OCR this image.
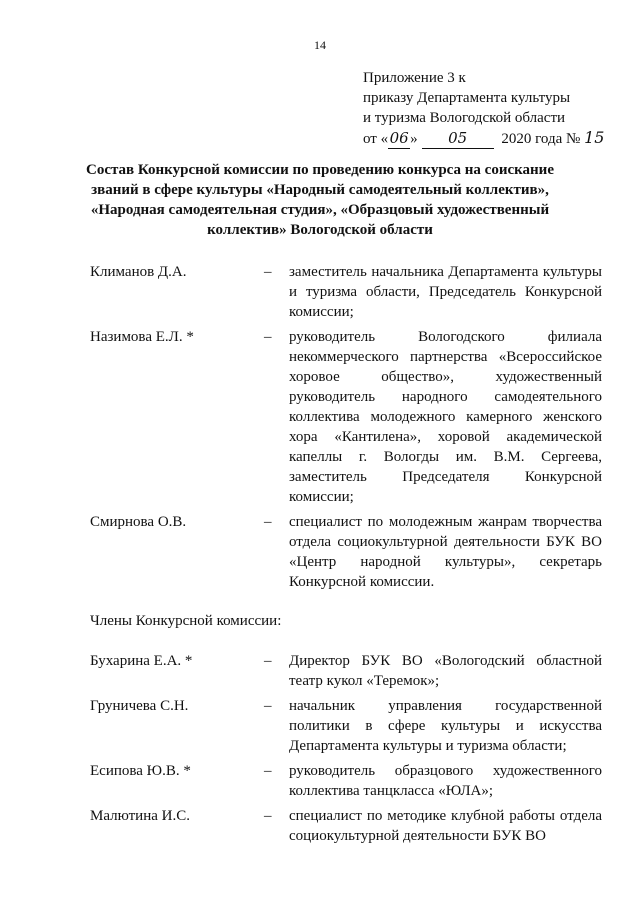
14
Приложение 3 к
приказу Департамента культуры
и туризма Вологодской области
от «06» 05 2020 года № 15
Состав Конкурсной комиссии по проведению конкурса на соискание званий в сфере культуры «Народный самодеятельный коллектив», «Народная самодеятельная студия», «Образцовый художественный коллектив» Вологодской области
Климанов Д.А.	– заместитель начальника Департамента культуры и туризма области, Председатель Конкурсной комиссии;
Назимова Е.Л. *	– руководитель Вологодского филиала некоммерческого партнерства «Всероссийское хоровое общество», художественный руководитель народного самодеятельного коллектива молодежного камерного женского хора «Кантилена», хоровой академической капеллы г. Вологды им. В.М. Сергеева, заместитель Председателя Конкурсной комиссии;
Смирнова О.В.	– специалист по молодежным жанрам творчества отдела социокультурной деятельности БУК ВО «Центр народной культуры», секретарь Конкурсной комиссии.
Члены Конкурсной комиссии:
Бухарина Е.А. *	– Директор БУК ВО «Вологодский областной театр кукол «Теремок»;
Груничева С.Н.	– начальник управления государственной политики в сфере культуры и искусства Департамента культуры и туризма области;
Есипова Ю.В. *	– руководитель образцового художественного коллектива танцкласса «ЮЛА»;
Малютина И.С.	– специалист по методике клубной работы отдела социокультурной деятельности БУК ВО
